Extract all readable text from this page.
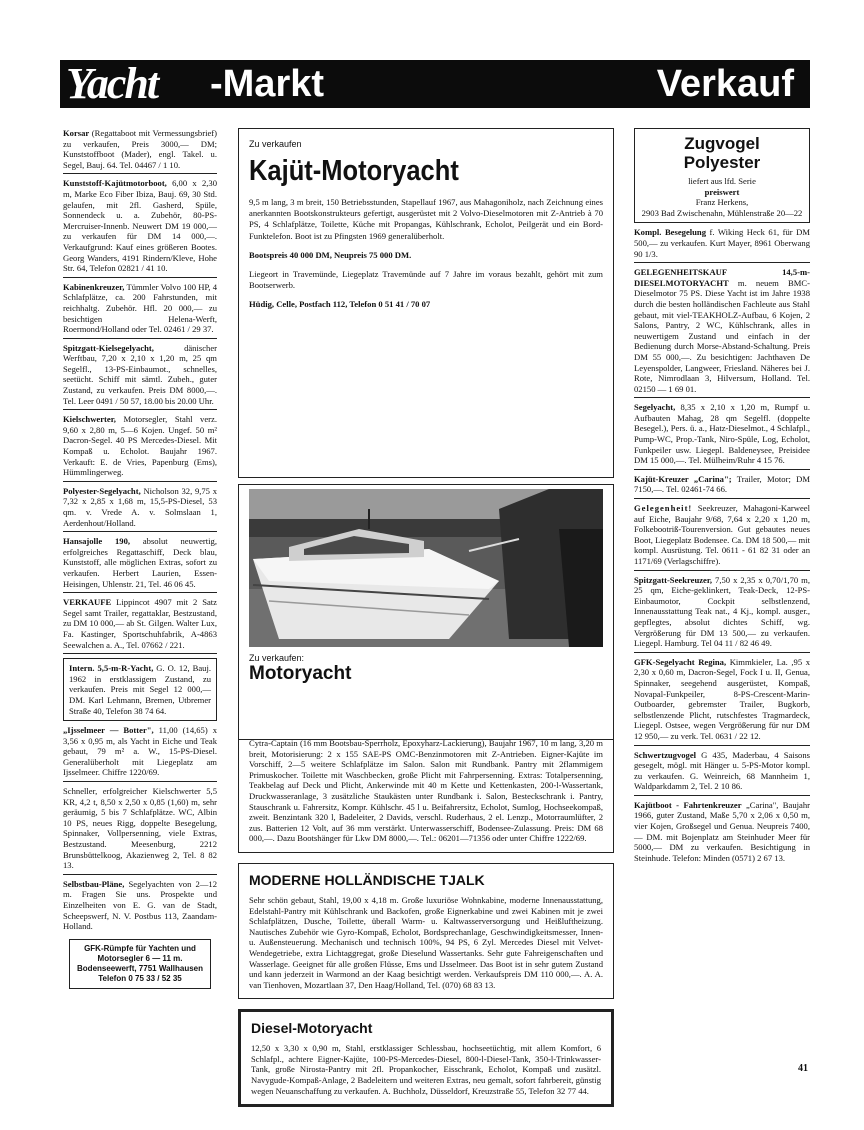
Yacht -Markt	Verkauf
Korsar (Regattaboot mit Vermessungsbrief) zu verkaufen, Preis 3000,— DM; Kunststoffboot (Mader), engl. Takel. u. Segel, Bauj. 64. Tel. 04467 / 1 10.
Kunststoff-Kajütmotorboot, 6,00 x 2,30 m, Marke Eco Fiber Ibiza, Bauj. 69, 30 Std. gelaufen, mit 2fl. Gasherd, Spüle, Sonnendeck u. a. Zubehör, 80-PS-Mercruiser-Innenb. Neuwert DM 19 000,— zu verkaufen für DM 14 000,—. Verkaufgrund: Kauf eines größeren Bootes. Georg Wanders, 4191 Rindern/Kleve, Hohe Str. 64, Telefon 02821 / 41 10.
Kabinenkreuzer, Tümmler Volvo 100 HP, 4 Schlafplätze, ca. 200 Fahrstunden, mit reichhaltg. Zubehör. Hfl. 20 000,— zu besichtigen Helena-Werft, Roermond/Holland oder Tel. 02461 / 29 37.
Spitzgatt-Kielsegelyacht, dänischer Werftbau, 7,20 x 2,10 x 1,20 m, 25 qm Segelfl., 13-PS-Einbaumot., schnelles, seetücht. Schiff mit sämtl. Zubeh., guter Zustand, zu verkaufen. Preis DM 8000,—. Tel. Leer 0491 / 50 57, 18.00 bis 20.00 Uhr.
Kielschwerter, Motorsegler, Stahl verz. 9,60 x 2,80 m, 5—6 Kojen. Ungef. 50 m² Dacron-Segel. 40 PS Mercedes-Diesel. Mit Kompaß u. Echolot. Baujahr 1967. Verkauft: E. de Vries, Papenburg (Ems), Hümmlingerweg.
Polyester-Segelyacht, Nicholson 32, 9,75 x 7,32 x 2,85 x 1,68 m, 15,5-PS-Diesel, 53 qm. v. Vrede A. v. Solmslaan 1, Aerdenhout/Holland.
Hansajolle 190, absolut neuwertig, erfolgreiches Regattaschiff, Deck blau, Kunststoff, alle möglichen Extras, sofort zu verkaufen. Herbert Laurien, Essen-Heisingen, Uhlenstr. 21, Tel. 46 06 45.
VERKAUFE Lippincot 4907 mit 2 Satz Segel samt Trailer, regattaklar, Bestzustand, zu DM 10 000,— ab St. Gilgen. Walter Lux, Fa. Kastinger, Sportschuhfabrik, A-4863 Seewalchen a. A., Tel. 07662 / 221.
Intern. 5,5-m-R-Yacht, G. O. 12, Bauj. 1962 in erstklassigem Zustand, zu verkaufen. Preis mit Segel 12 000,— DM. Karl Lehmann, Bremen, Utbremer Straße 40, Telefon 38 74 64.
„Ijsselmeer — Botter", 11,00 (14,65) x 3,56 x 0,95 m, als Yacht in Eiche und Teak gebaut, 79 m² a. W., 15-PS-Diesel. Generalüberholt mit Liegeplatz am Ijsselmeer. Chiffre 1220/69.
Schneller, erfolgreicher Kielschwerter 5,5 KR, 4,2 t, 8,50 x 2,50 x 0,85 (1,60) m, sehr geräumig, 5 bis 7 Schlafplätze. WC, Albin 10 PS, neues Rigg, doppelte Besegelung, Spinnaker, Vollpersenning, viele Extras, Bestzustand. Meesenburg, 2212 Brunsbüttelkoog, Akazienweg 2, Tel. 8 82 13.
Selbstbau-Pläne, Segelyachten von 2—12 m. Fragen Sie uns. Prospekte und Einzelheiten von E. G. van de Stadt, Scheepswerf, N. V. Postbus 113, Zaandam-Holland.
GFK-Rümpfe für Yachten und
Motorsegler 6 — 11 m.
Bodenseewerft, 7751 Wallhausen
Telefon 0 75 33 / 52 35
Zu verkaufen
Kajüt-Motoryacht

9,5 m lang, 3 m breit, 150 Betriebsstunden, Stapellauf 1967, aus Mahagoniholz, nach Zeichnung eines anerkannten Bootskonstrukteurs gefertigt, ausgerüstet mit 2 Volvo-Dieselmotoren mit Z-Antrieb à 70 PS, 4 Schlafplätze, Toilette, Küche mit Propangas, Kühlschrank, Echolot, Peilgerät und ein Bord-Funktelefon. Boot ist zu Pfingsten 1969 generalüberholt.

Bootspreis 40 000 DM, Neupreis 75 000 DM.

Liegeort in Travemünde, Liegeplatz Travemünde auf 7 Jahre im voraus bezahlt, gehört mit zum Bootserwerb.

Hüdig, Celle, Postfach 112, Telefon 0 51 41 / 70 07

Zu verkaufen:
Motoryacht
Cytra-Captain (16 mm Bootsbau-Sperrholz, Epoxyharz-Lackierung), Baujahr 1967, 10 m lang, 3,20 m breit, Motorisierung: 2 x 155 SAE-PS OMC-Benzinmotoren mit Z-Antrieben. Eigner-Kajüte im Vorschiff, 2—5 weitere Schlafplätze im Salon. Salon mit Rundbank. Pantry mit 2flammigem Primuskocher. Toilette mit Waschbecken, große Plicht mit Fahrpersenning. Extras: Totalpersenning, Teakbelag auf Deck und Plicht, Ankerwinde mit 40 m Kette und Kettenkasten, 200-l-Wassertank, Druckwasseranlage, 3 zusätzliche Staukästen unter Rundbank i. Salon, Besteckschrank i. Pantry, Stauschrank u. Fahrersitz, Kompr. Kühlschr. 45 l u. Beifahrersitz, Echolot, Sumlog, Hochseekompaß, zweit. Benzintank 320 l, Badeleiter, 2 Davids, verschl. Ruderhaus, 2 el. Lenzp., Motorraumlüfter, 2 zus. Batterien 12 Volt, auf 36 mm verstärkt. Unterwasserschiff, Bodensee-Zulassung. Preis: DM 68 000,—. Dazu Bootshänger für Lkw DM 8000,—. Tel.: 06201—71356 oder unter Chiffre 1222/69.
MODERNE HOLLÄNDISCHE TJALK
Sehr schön gebaut, Stahl, 19,00 x 4,18 m. Große luxuriöse Wohnkabine, moderne Innenausstattung, Edelstahl-Pantry mit Kühlschrank und Backofen, große Eignerkabine und zwei Kabinen mit je zwei Schlafplätzen, Dusche, Toilette, überall Warm- u. Kaltwasserversorgung und Heißluftheizung. Nautisches Zubehör wie Gyro-Kompaß, Echolot, Bordsprechanlage, Geschwindigkeitsmesser, Innen- u. Außensteuerung. Mechanisch und technisch 100%, 94 PS, 6 Zyl. Mercedes Diesel mit Velvet-Wendegetriebe, extra Lichtaggregat, große Dieselund Wassertanks. Sehr gute Fahreigenschaften und Wasserlage. Geeignet für alle großen Flüsse, Ems und IJsselmeer. Das Boot ist in sehr gutem Zustand und kann jederzeit in Warmond an der Kaag besichtigt werden. Verkaufspreis DM 110 000,—. A. A. van Tienhoven, Mozartlaan 37, Den Haag/Holland, Tel. (070) 68 83 13.
Diesel-Motoryacht
12,50 x 3,30 x 0,90 m, Stahl, erstklassiger Schlessbau, hochseetüchtig, mit allem Komfort, 6 Schlafpl., achtere Eigner-Kajüte, 100-PS-Mercedes-Diesel, 800-l-Diesel-Tank, 350-l-Trinkwasser-Tank, große Nirosta-Pantry mit 2fl. Propankocher, Eisschrank, Echolot, Kompaß und zusätzl. Navygude-Kompaß-Anlage, 2 Badeleitern und weiteren Extras, neu gemalt, sofort fahrbereit, günstig wegen Neuanschaffung zu verkaufen. A. Buchholz, Düsseldorf, Kreuzstraße 55, Telefon 32 77 44.
Zugvogel
Polyester
liefert aus lfd. Serie
preiswert
Franz Herkens,
2903 Bad Zwischenahn, Mühlenstraße 20—22
Kompl. Besegelung f. Wiking Heck 61, für DM 500,— zu verkaufen. Kurt Mayer, 8961 Oberwang 90 1/3.
GELEGENHEITSKAUF 14,5-m-DIESELMOTORYACHT m. neuem BMC-Dieselmotor 75 PS. Diese Yacht ist im Jahre 1938 durch die besten holländischen Fachleute aus Stahl gebaut, mit viel-TEAKHOLZ-Aufbau, 6 Kojen, 2 Salons, Pantry, 2 WC, Kühlschrank, alles in neuwertigem Zustand und einfach in der Bedienung durch Morse-Abstand-Schaltung. Preis DM 55 000,—. Zu besichtigen: Jachthaven De Leyenspolder, Langweer, Friesland. Näheres bei J. Rote, Nimrodlaan 3, Hilversum, Holland. Tel. 02150 — 1 69 01.
Segelyacht, 8,35 x 2,10 x 1,20 m, Rumpf u. Aufbauten Mahag, 28 qm Segelfl. (doppelte Besegel.), Pers. ü. a., Hatz-Dieselmot., 4 Schlafpl., Pump-WC, Prop.-Tank, Niro-Spüle, Log, Echolot, Funkpeiler usw. Liegepl. Baldeneysee, Preisidee DM 15 000,—. Tel. Mülheim/Ruhr 4 15 76.
Kajüt-Kreuzer „Carina"; Trailer, Motor; DM 7150,—. Tel. 02461-74 66.
Gelegenheit! Seekreuzer, Mahagoni-Karweel auf Eiche, Baujahr 9/68, 7,64 x 2,20 x 1,20 m, Folkebootriß-Tourenversion. Gut gebautes neues Boot, Liegeplatz Bodensee. Ca. DM 18 500,— mit kompl. Ausrüstung. Tel. 0611 - 61 82 31 oder an 1171/69 (Verlagschiffre).
Spitzgatt-Seekreuzer, 7,50 x 2,35 x 0,70/1,70 m, 25 qm, Eiche-geklinkert, Teak-Deck, 12-PS-Einbaumotor, Cockpit selbstlenzend, Innenausstattung Teak nat., 4 Kj., kompl. ausger., gepflegtes, absolut dichtes Schiff, wg. Vergrößerung für DM 13 500,— zu verkaufen. Liegepl. Hamburg. Tel 04 11 / 82 46 49.
GFK-Segelyacht Regina, Kimmkieler, La. ,95 x 2,30 x 0,60 m, Dacron-Segel, Fock I u. II, Genua, Spinnaker, seegehend ausgerüstet, Kompaß, Novapal-Funkpeiler, 8-PS-Crescent-Marin-Outboarder, gebremster Trailer, Bugkorb, selbstlenzende Plicht, rutschfestes Tragmardeck, Liegepl. Ostsee, wegen Vergrößerung für nur DM 12 950,— zu verk. Tel. 0631 / 22 12.
Schwertzugvogel G 435, Maderbau, 4 Saisons gesegelt, mögl. mit Hänger u. 5-PS-Motor kompl. zu verkaufen. G. Weinreich, 68 Mannheim 1, Waldparkdamm 2, Tel. 2 10 86.
Kajütboot - Fahrtenkreuzer „Carina", Baujahr 1966, guter Zustand, Maße 5,70 x 2,06 x 0,50 m, vier Kojen, Großsegel und Genua. Neupreis 7400,— DM. mit Bojenplatz am Steinhuder Meer für 5000,— DM zu verkaufen. Besichtigung in Steinhude. Telefon: Minden (0571) 2 67 13.
41
